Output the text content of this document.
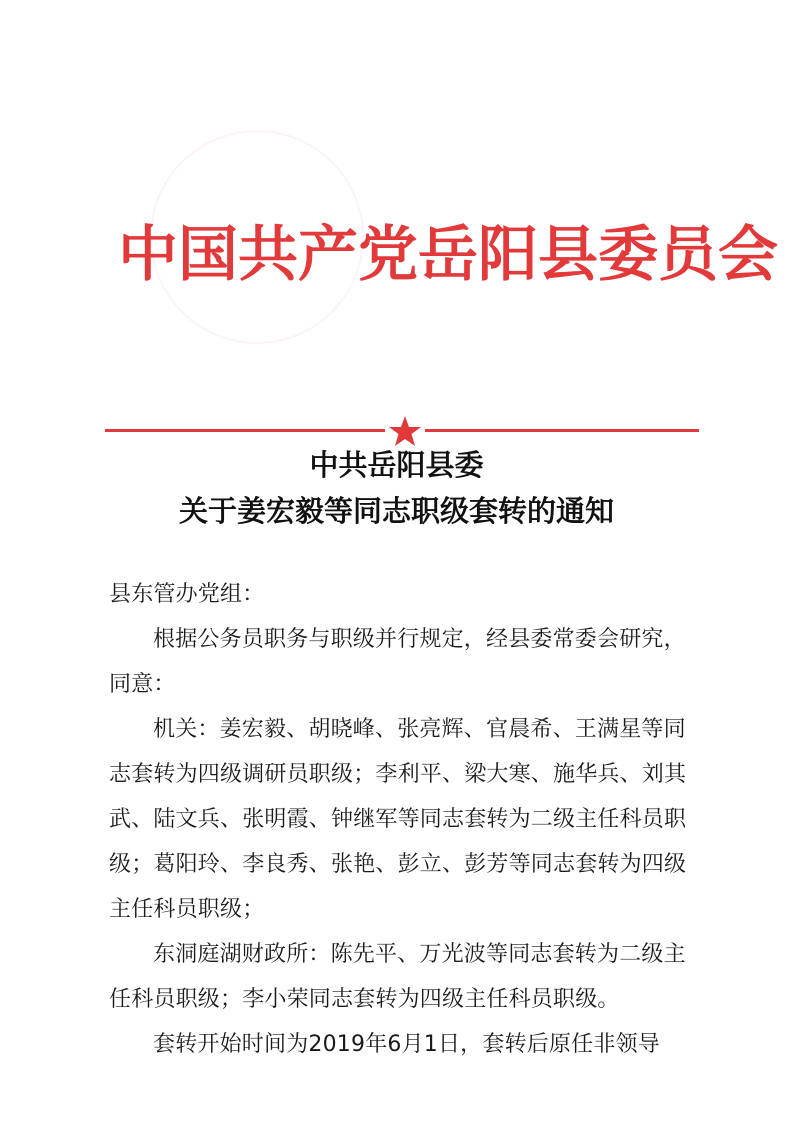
中国共产党岳阳县委员会
中共岳阳县委
关于姜宏毅等同志职级套转的通知

县东管办党组：

根据公务员职务与职级并行规定，经县委常委会研究，同意：

机关：姜宏毅、胡晓峰、张亮辉、官晨希、王满星等同志套转为四级调研员职级；李利平、梁大寒、施华兵、刘其武、陆文兵、张明霞、钟继军等同志套转为二级主任科员职级；葛阳玲、李良秀、张艳、彭立、彭芳等同志套转为四级主任科员职级；

东洞庭湖财政所：陈先平、万光波等同志套转为二级主任科员职级；李小荣同志套转为四级主任科员职级。

套转开始时间为2019年6月1日，套转后原任非领导
